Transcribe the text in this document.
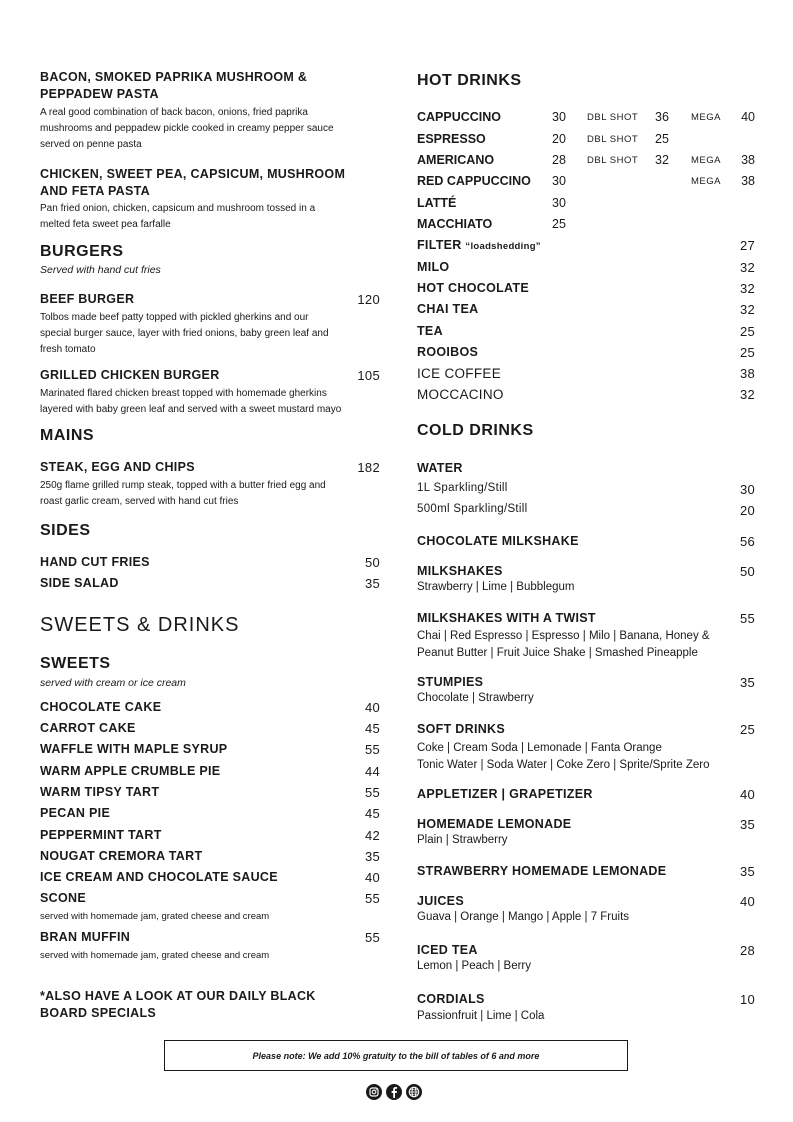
BACON, SMOKED PAPRIKA MUSHROOM &
PEPPADEW PASTA
A real good combination of back bacon, onions, fried paprika
mushrooms and peppadew pickle cooked in creamy pepper sauce
served on penne pasta
CHICKEN, SWEET PEA, CAPSICUM, MUSHROOM
AND FETA PASTA
Pan fried onion, chicken, capsicum and mushroom tossed in a
melted feta sweet pea farfalle
BURGERS
Served with hand cut fries
BEEF BURGER	120
Tolbos made beef patty topped with pickled gherkins and our
special burger sauce, layer with fried onions, baby green leaf and
fresh tomato
GRILLED CHICKEN BURGER	105
Marinated flared chicken breast topped with homemade gherkins
layered with baby green leaf and served with a sweet mustard mayo
MAINS
STEAK, EGG AND CHIPS	182
250g flame grilled rump steak, topped with a butter fried egg and
roast garlic cream, served with hand cut fries
SIDES
HAND CUT FRIES	50
SIDE SALAD	35
SWEETS & DRINKS
SWEETS
served with cream or ice cream
CHOCOLATE CAKE	40
CARROT CAKE	45
WAFFLE WITH MAPLE SYRUP	55
WARM APPLE CRUMBLE PIE	44
WARM TIPSY TART	55
PECAN PIE	45
PEPPERMINT TART	42
NOUGAT CREMORA TART	35
ICE CREAM AND CHOCOLATE SAUCE	40
SCONE	55
served with homemade jam, grated cheese and cream
BRAN MUFFIN	55
served with homemade jam, grated cheese and cream
*ALSO HAVE A LOOK AT OUR DAILY BLACK
BOARD SPECIALS
HOT DRINKS
CAPPUCCINO	30 DBL SHOT 36 MEGA 40
ESPRESSO	20 DBL SHOT 25
AMERICANO	28 DBL SHOT 32 MEGA 38
RED CAPPUCCINO 30	MEGA 38
LATTÉ	30
MACCHIATO	25
FILTER “loadshedding”	27
MILO	32
HOT CHOCOLATE	32
CHAI TEA	32
TEA	25
ROOIBOS	25
ICE COFFEE	38
MOCCACINO	32
COLD DRINKS
WATER
1L Sparkling/Still	30
500ml Sparkling/Still	20
CHOCOLATE MILKSHAKE	56
MILKSHAKES	50
Strawberry | Lime | Bubblegum
MILKSHAKES WITH A TWIST	55
Chai | Red Espresso | Espresso | Milo | Banana, Honey &
Peanut Butter | Fruit Juice Shake | Smashed Pineapple
STUMPIES	35
Chocolate | Strawberry
SOFT DRINKS	25
Coke | Cream Soda | Lemonade | Fanta Orange
Tonic Water | Soda Water | Coke Zero | Sprite/Sprite Zero
APPLETIZER | GRAPETIZER	40
HOMEMADE LEMONADE	35
Plain | Strawberry
STRAWBERRY HOMEMADE LEMONADE	35
JUICES	40
Guava | Orange | Mango | Apple | 7 Fruits
ICED TEA	28
Lemon | Peach | Berry
CORDIALS	10
Passionfruit | Lime | Cola
Please note: We add 10% gratuity to the bill of tables of 6 and more
